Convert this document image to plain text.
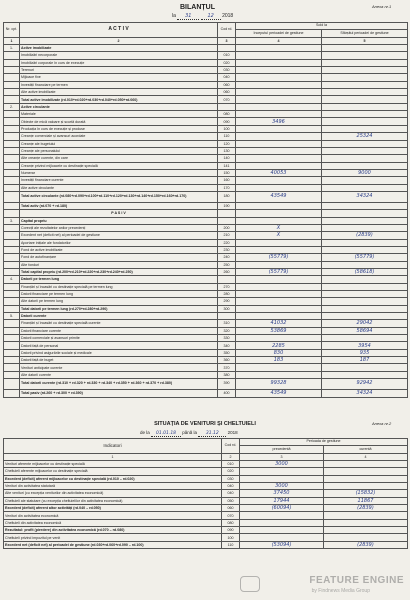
Anexa nr.1
BILANȚUL
la 31	12 2018
Nr. cpt.	A C T I V	Cod rd.	Sold la	
			începutul perioadei de gestiune	Sfârșitul perioadei de gestiune
1	2	3	4	5
1.	Active imobilizate			
	Imobilizări necorporale	010		
	Imobilizări corporale în curs de execuție	020		
	Terenuri	030		
	Mijloace fixe	040		
	Investiții financiare pe termen	060		
	Alte active imobilizate	060		
	Total active imobilizate (rd.010+rd.020+rd.030+rd.040+rd.050+rd.060)	070		
2.	Active circulante			
	Materiale	080		
	Obiecte de mică valoare și scurtă durată	090	3496	
	Producția în curs de execuție și produse	100		
	Creanțe comerciale și avansuri acordate	110		25324
	Creanțe ale bugetului	120		
	Creanțe ale personalului	130		
	Alte creanțe curente, din care	140		
	Creanțe privind mijloacele cu destinație specială	141		
	Numerar	150	40053	9000
	Investiții financiare curente	160		
	Alte active circulante	170		
	Total active circulante (rd.080+rd.090+rd.100+rd.110+rd.120+rd.130+rd.140+rd.150+rd.160+rd.170)	180	43549	34324
	Total activ (rd.070 + rd.180)	190		
	P A S I V			
3.	Capital propriu			
	Corecții ale rezultatelor anilor precedenți	200	X	
	Excedent net (deficit net) al perioadei de gestiune	210	X	(2839)
	Aportare inițiale ale fondatorilor	220		
	Fond de active imobilizate	230		
	Fond de autofinanțare	240	(55779)	(55779)
	Alte fonduri	250		
	Total capital propriu (rd.200+rd.210+rd.220+rd.230+rd.240+rd.250)	260	(55779)	(58618)
4.	Datorii pe termen lung			
	Finanțări și încasări cu destinație specială pe termen lung	270		
	Datorii financiare pe termen lung	280		
	Alte datorii pe termen lung	290		
	Total datorii pe termen lung (rd.270+rd.280+rd.290)	300		
5.	Datorii curente			
	Finanțări și încasări cu destinație specială curente	310	41032	29042
	Datorii financiare curente	320	53869	58694
	Datorii comerciale și avansuri primite	330		
	Datorii față de personal	340	2285	3954
	Datorii privind asigurările sociale și medicale	350	830	935
	Datorii față de buget	360	183	187
	Venituri anticipate curente	370		
	Alte datorii curente	380		
	Total datorii curente (rd.310 + rd.320 + rd.330 + rd.340 + rd.350 + rd.360 + rd.370 + rd.380)	390	99328	92942
	Total pasiv (rd.260 + rd.300 + rd.390)	400	43549	34324
Anexa nr.2
SITUAȚIA DE VENITURI ȘI CHELTUIELI
de la 01.01.18 până la 31.12 2018
Indicatori	Cod rd.	Perioada de gestiune	
		precedentă	curentă
1	2	3	4
Venituri aferente mijloacelor cu destinație specială	010	3000	
Cheltuieli aferente mijloacelor cu destinație specială	020		
Excedent (deficit) aferent mijloacelor cu destinație specială (rd.010 – rd.020)	030		
Venituri din activitatea statutară	040	3000	
Alte venituri (cu excepția veniturilor din activitatea economică)	040	37450	(15832)
Cheltuieli ale statutare (cu excepția cheltuielilor din activitatea economică)	050	17944	11867
Excedent (deficit) aferent altor activități (rd.040 – rd.050)	060	(60094)	(2839)
Venituri din activitatea economică	070		
Cheltuieli din activitatea economică	080		
Rezultatul: profit (pierdere) din activitatea economică (rd.070 – rd.080)	090		
Cheltuieli privind impozitul pe venit	100		
Excedent net (deficit net) al perioadei de gestiune (rd.030+rd.060+rd.090 – rd.100)	110	(53094)	(2839)
FEATURE ENGINE
by Findnews Media Group
